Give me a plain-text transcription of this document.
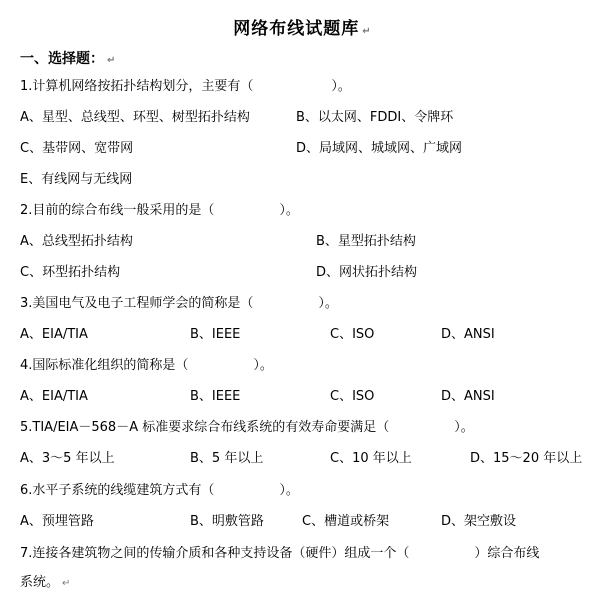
网络布线试题库 ↵
一、选择题： ↵
1.计算机网络按拓扑结构划分，主要有（　　　　　　）。
A、星型、总线型、环型、树型拓扑结构	B、以太网、FDDI、令牌环
C、基带网、宽带网	D、局域网、城域网、广域网
E、有线网与无线网
2.目前的综合布线一般采用的是（　　　　　）。
A、总线型拓扑结构	B、星型拓扑结构
C、环型拓扑结构	D、网状拓扑结构
3.美国电气及电子工程师学会的简称是（　　　　　）。
A、EIA/TIA	B、IEEE	C、ISO	D、ANSI
4.国际标准化组织的简称是（　　　　　）。
A、EIA/TIA	B、IEEE	C、ISO	D、ANSI
5.TIA/EIA－568－A 标准要求综合布线系统的有效寿命要满足（　　　　　）。
A、3～5 年以上	B、5 年以上	C、10 年以上	D、15～20 年以上
6.水平子系统的线缆建筑方式有（　　　　　）。
A、预埋管路	B、明敷管路	C、槽道或桥架	D、架空敷设
7.连接各建筑物之间的传输介质和各种支持设备（硬件）组成一个（　　　　　）综合布线
系统。 ↵
